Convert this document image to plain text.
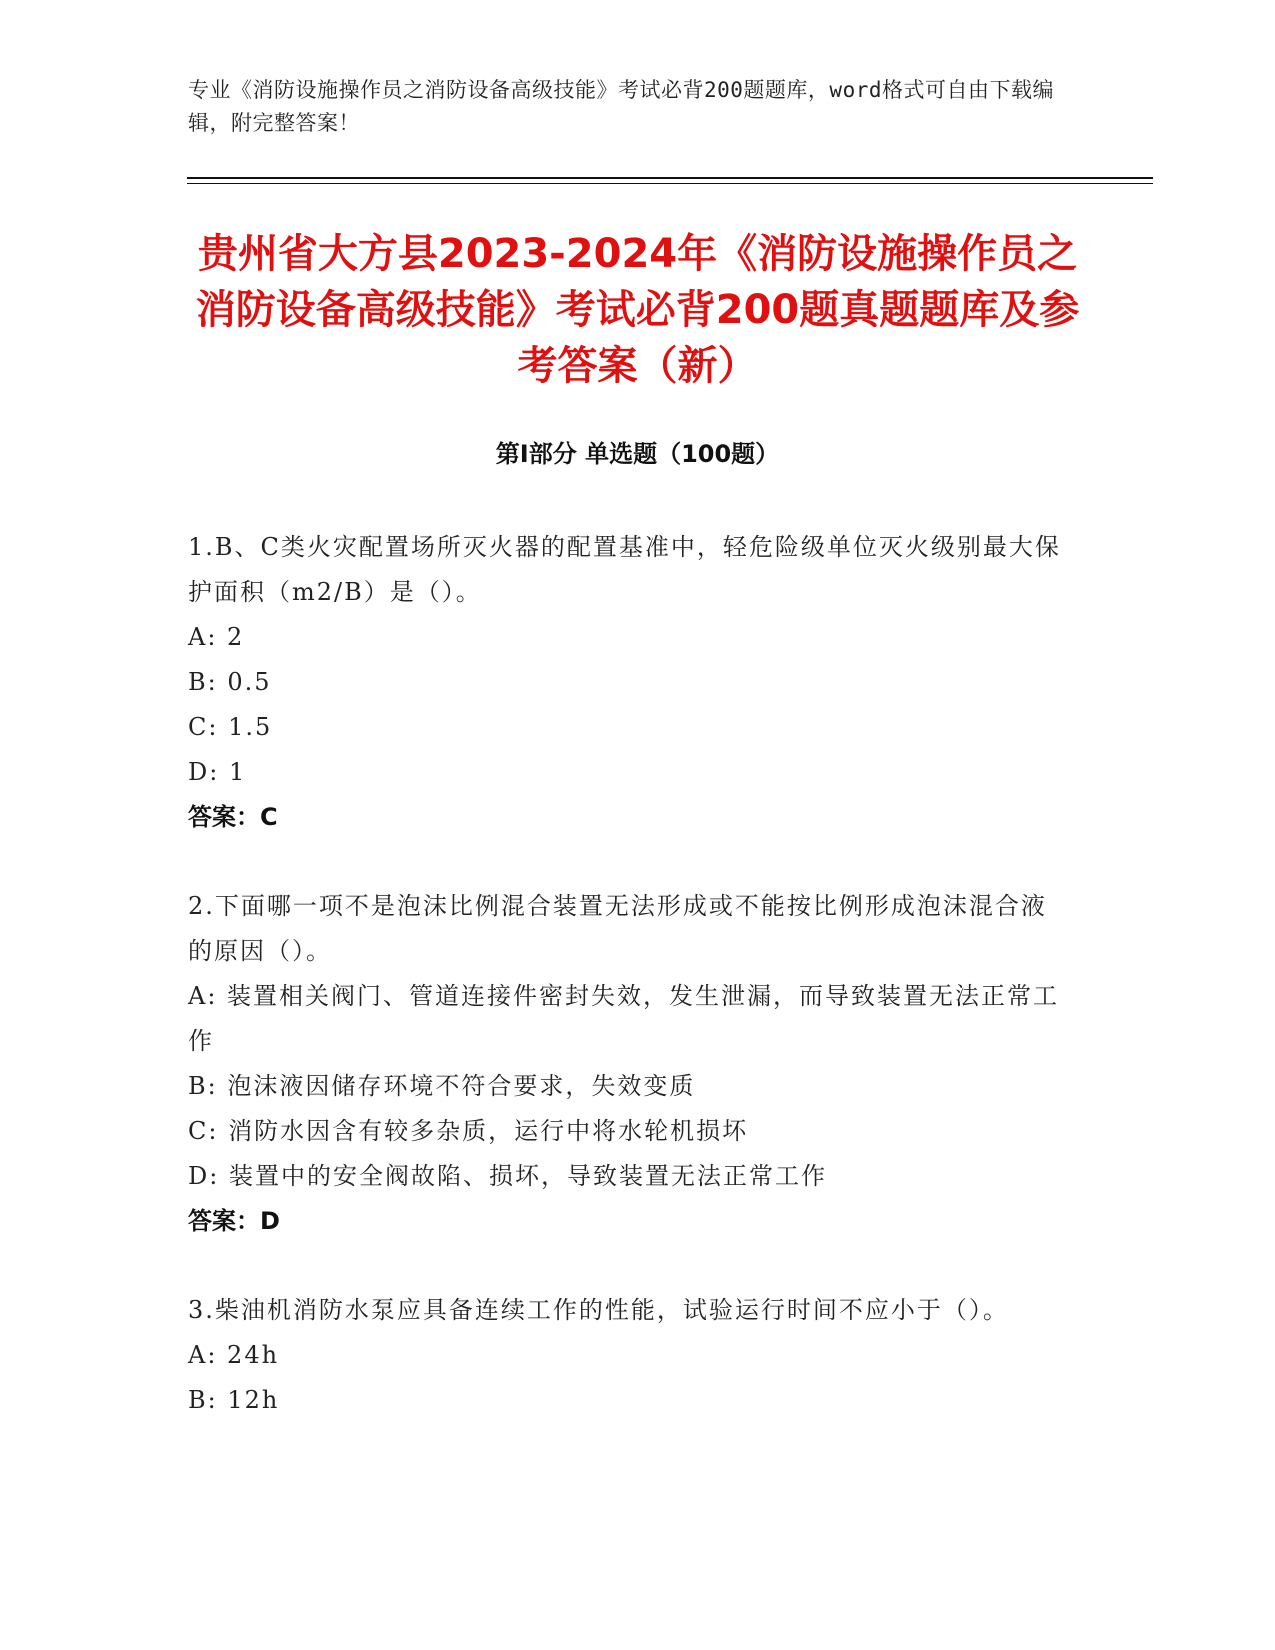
专业《消防设施操作员之消防设备高级技能》考试必背200题题库，word格式可自由下载编辑，附完整答案！
贵州省大方县2023-2024年《消防设施操作员之消防设备高级技能》考试必背200题真题题库及参考答案（新）
第Ⅰ部分 单选题（100题）
1.B、C类火灾配置场所灭火器的配置基准中，轻危险级单位灭火级别最大保护面积（m2/B）是（）。
A: 2
B: 0.5
C: 1.5
D: 1
答案：C
2.下面哪一项不是泡沫比例混合装置无法形成或不能按比例形成泡沫混合液的原因（）。
A: 装置相关阀门、管道连接件密封失效，发生泄漏，而导致装置无法正常工作
B: 泡沫液因储存环境不符合要求，失效变质
C: 消防水因含有较多杂质，运行中将水轮机损坏
D: 装置中的安全阀故陷、损坏，导致装置无法正常工作
答案：D
3.柴油机消防水泵应具备连续工作的性能，试验运行时间不应小于（）。
A: 24h
B: 12h
